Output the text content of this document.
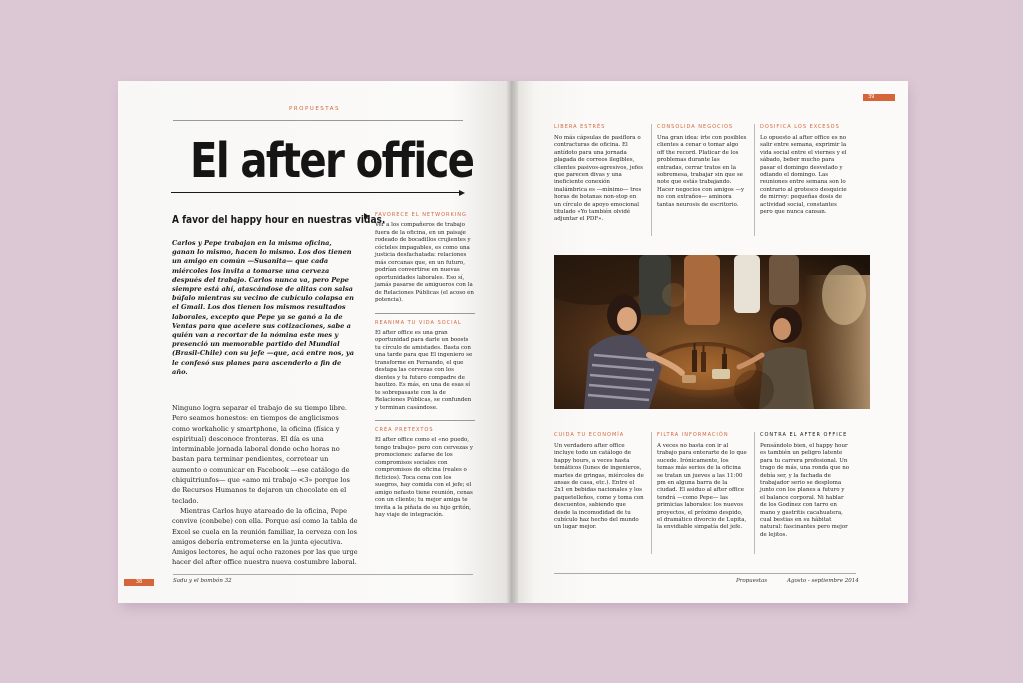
PROPUESTAS
El after office
A favor del happy hour en nuestras vidas.
Carlos y Pepe trabajan en la misma oficina, ganan lo mismo, hacen lo mismo. Los dos tienen un amigo en común —Susanita— que cada miércoles los invita a tomarse una cerveza después del trabajo. Carlos nunca va, pero Pepe siempre está ahí, atascándose de alitas con salsa búfalo mientras su vecino de cubículo colapsa en el Gmail. Los dos tienen los mismos resultados laborales, excepto que Pepe ya se ganó a la de Ventas para que acelere sus cotizaciones, sabe a quién van a recortar de la nómina este mes y presenció un memorable partido del Mundial (Brasil-Chile) con su jefe —que, acá entre nos, ya le confesó sus planes para ascenderlo a fin de año.

Ninguno logra separar el trabajo de su tiempo libre. Pero seamos honestos: en tiempos de anglicismos como workaholic y smartphone, la oficina (física y espiritual) desconoce fronteras. El día es una interminable jornada laboral donde ocho horas no bastan para terminar pendientes, corretear un aumento o comunicar en Facebook —ese catálogo de chiquitriunfos— que «amo mi trabajo <3» porque los de Recursos Humanos te dejaron un chocolate en el teclado.

Mientras Carlos huye atareado de la oficina, Pepe convive (conbebe) con ella. Porque así como la tabla de Excel se cuela en la reunión familiar, la cerveza con los amigos debería entrometerse en la junta ejecutiva. Amigos lectores, he aquí ocho razones por las que urge hacer del after office nuestra nueva costumbre laboral.

FAVORECE EL NETWORKING
Ver a los compañeros de trabajo fuera de la oficina, en un paisaje rodeado de bocadillos crujientes y cócteles impagables, es como una justicia desfachatada: relaciones más cercanas que, en un futuro, podrían convertirse en nuevas oportunidades laborales. Eso sí, jamás pasarse de amigueros con la de Relaciones Públicas (el acoso en potencia).
REANIMA TU VIDA SOCIAL
El after office es una gran oportunidad para darle un boosts tu círculo de amistades. Basta con una tarde para que El ingeniero se transforme en Fernando, el que destapa las cervezas con los dientes y tu futuro compadre de bautizo. Es más, en una de esas sí te sobrepasaste con la de Relaciones Públicas, se confunden y terminan casándose.
CREA PRETEXTOS
El after office como el «no puedo, tengo trabajo» pero con cervezas y promociones: zafarse de los compromisos sociales con compromisos de oficina (reales o ficticios). Toca cena con los suegros, hay comida con el jefe; el amigo nefasto tiene reunión, cenas con un cliente; tu mejor amiga te invita a la piñata de su hijo gritón, hay viaje de integración.
38	Sadu y el bombón 32
39
LIBERA ESTRÉS
No más cápsulas de pasiflora o contracturas de oficina. El antídoto para una jornada plagada de correos ilegibles, clientes pasivos-agresivos, jefes que parecen divas y una ineficiente conexión inalámbrica es —mínimo— tres horas de botanas non-stop en un círculo de apoyo emocional titulado «Yo también olvidé adjuntar el PDF».
CONSOLIDA NEGOCIOS
Una gran idea: irte con posibles clientes a cenar o tomar algo off the record. Platicar de los problemas durante las entradas, cerrar tratos en la sobremesa, trabajar sin que se note que estás trabajando. Hacer negocios con amigos —y no con extraños— aminora tantas neurosis de escritorio.
DOSIFICA LOS EXCESOS
Lo opuesto al after office es no salir entre semana, exprimir la vida social entre el viernes y el sábado, beber mucho para pasar el domingo desvelado y odiando el domingo. Las reuniones entre semana son lo contrario al grotesco desquicie de mirrey: pequeñas dosis de actividad social, constantes pero que nunca cansan.
CUIDA TU ECONOMÍA
Un verdadero after office incluye todo un catálogo de happy hours, a veces hasta temáticos (lunes de ingenieros, martes de gringas, miércoles de ansas de casa, etc.). Entre el 2x1 en bebidas nacionales y los paquetelleños, come y toma con descuentos, sabiendo que desde la incomodidad de tu cubículo haz hecho del mundo un lugar mejor.
FILTRA INFORMACIÓN
A veces no basta con ir al trabajo para enterarte de lo que sucede. Irónicamente, los temas más serios de la oficina se tratan un jueves a las 11:00 pm en alguna barra de la ciudad. El asiduo al after office tendrá —como Pepe— las primicias laborales: los nuevos proyectos, el próximo despido, el dramático divorcio de Lupita, la envidiable simpatía del jefe.
CONTRA EL AFTER OFFICE
Pensándolo bien, el happy hour es también un peligro latente para tu carrera profesional. Un trago de más, una ronda que no debía ser, y la fachada de trabajador serio se desploma junto con los planes a futuro y el balance corporal. Ni hablar de los Godínez con tarro en mano y gastritis cacahuatera, cual bestias en su hábitat natural: fascinantes pero mejor de lejitos.
Propuestas	Agosto - septiembre 2014
